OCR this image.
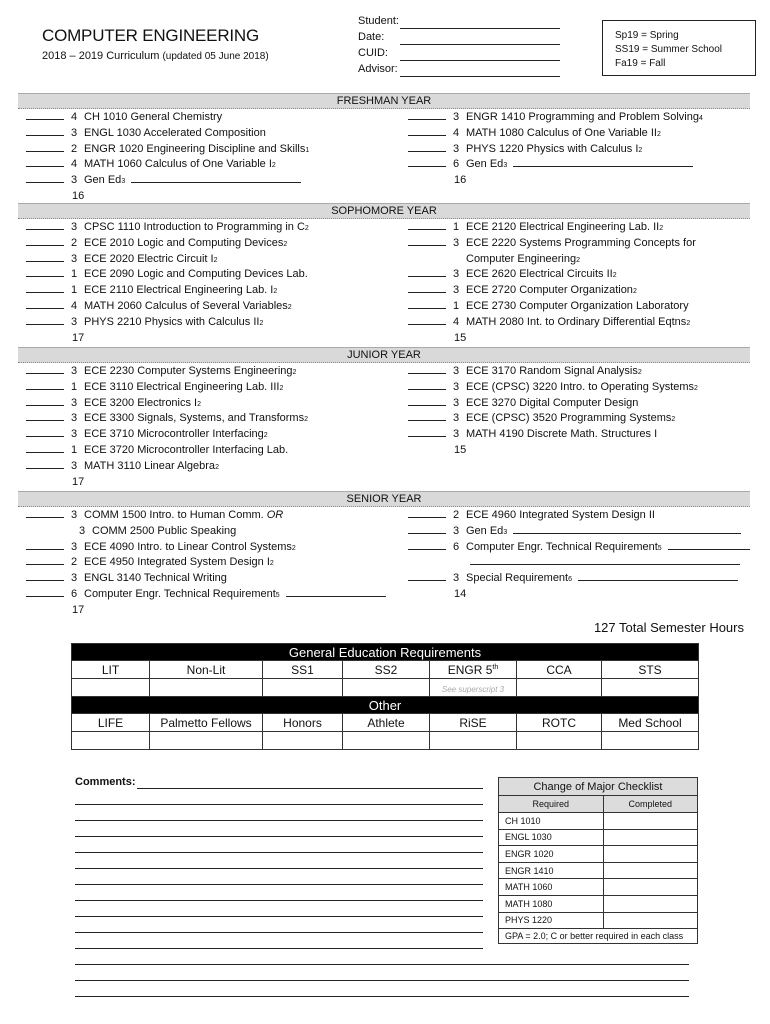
COMPUTER ENGINEERING
2018 – 2019 Curriculum (updated 05 June 2018)
Student:
Date:
CUID:
Advisor:
Sp19 = Spring
SS19 = Summer School
Fa19 = Fall
FRESHMAN YEAR
4 CH 1010 General Chemistry
3 ENGL 1030 Accelerated Composition
2 ENGR 1020 Engineering Discipline and Skills 1
4 MATH 1060 Calculus of One Variable I 2
3 Gen Ed 3
16
3 ENGR 1410 Programming and Problem Solving 4
4 MATH 1080 Calculus of One Variable II 2
3 PHYS 1220 Physics with Calculus I 2
6 Gen Ed 3
16
SOPHOMORE YEAR
3 CPSC 1110 Introduction to Programming in C 2
2 ECE 2010 Logic and Computing Devices 2
3 ECE 2020 Electric Circuit I 2
1 ECE 2090 Logic and Computing Devices Lab.
1 ECE 2110 Electrical Engineering Lab. I 2
4 MATH 2060 Calculus of Several Variables 2
3 PHYS 2210 Physics with Calculus II 2
17
1 ECE 2120 Electrical Engineering Lab. II 2
3 ECE 2220 Systems Programming Concepts for
Computer Engineering 2
3 ECE 2620 Electrical Circuits II 2
3 ECE 2720 Computer Organization 2
1 ECE 2730 Computer Organization Laboratory
4 MATH 2080 Int. to Ordinary Differential Eqtns 2
15
JUNIOR YEAR
3 ECE 2230 Computer Systems Engineering 2
1 ECE 3110 Electrical Engineering Lab. III 2
3 ECE 3200 Electronics I 2
3 ECE 3300 Signals, Systems, and Transforms 2
3 ECE 3710 Microcontroller Interfacing 2
1 ECE 3720 Microcontroller Interfacing Lab.
3 MATH 3110 Linear Algebra 2
17
3 ECE 3170 Random Signal Analysis 2
3 ECE (CPSC) 3220 Intro. to Operating Systems 2
3 ECE 3270 Digital Computer Design
3 ECE (CPSC) 3520 Programming Systems 2
3 MATH 4190 Discrete Math. Structures I
15
SENIOR YEAR
3 COMM 1500 Intro. to Human Comm. OR
3 COMM 2500 Public Speaking
3 ECE 4090 Intro. to Linear Control Systems 2
2 ECE 4950 Integrated System Design I 2
3 ENGL 3140 Technical Writing
6 Computer Engr. Technical Requirement 5
17
2 ECE 4960 Integrated System Design II
3 Gen Ed 3
6 Computer Engr. Technical Requirement 5
3 Special Requirement 6
14
127 Total Semester Hours
General Education Requirements						
LIT	Non-Lit	SS1	SS2	ENGR 5th	CCA	STS
				See superscript 3		
Other						
LIFE	Palmetto Fellows	Honors	Athlete	RiSE	ROTC	Med School

Comments:	Change of Major Checklist
Required	Completed
CH 1010	
ENGL 1030	
ENGR 1020	
ENGR 1410	
MATH 1060	
MATH 1080	
PHYS 1220	
GPA = 2.0; C or better required in each class
